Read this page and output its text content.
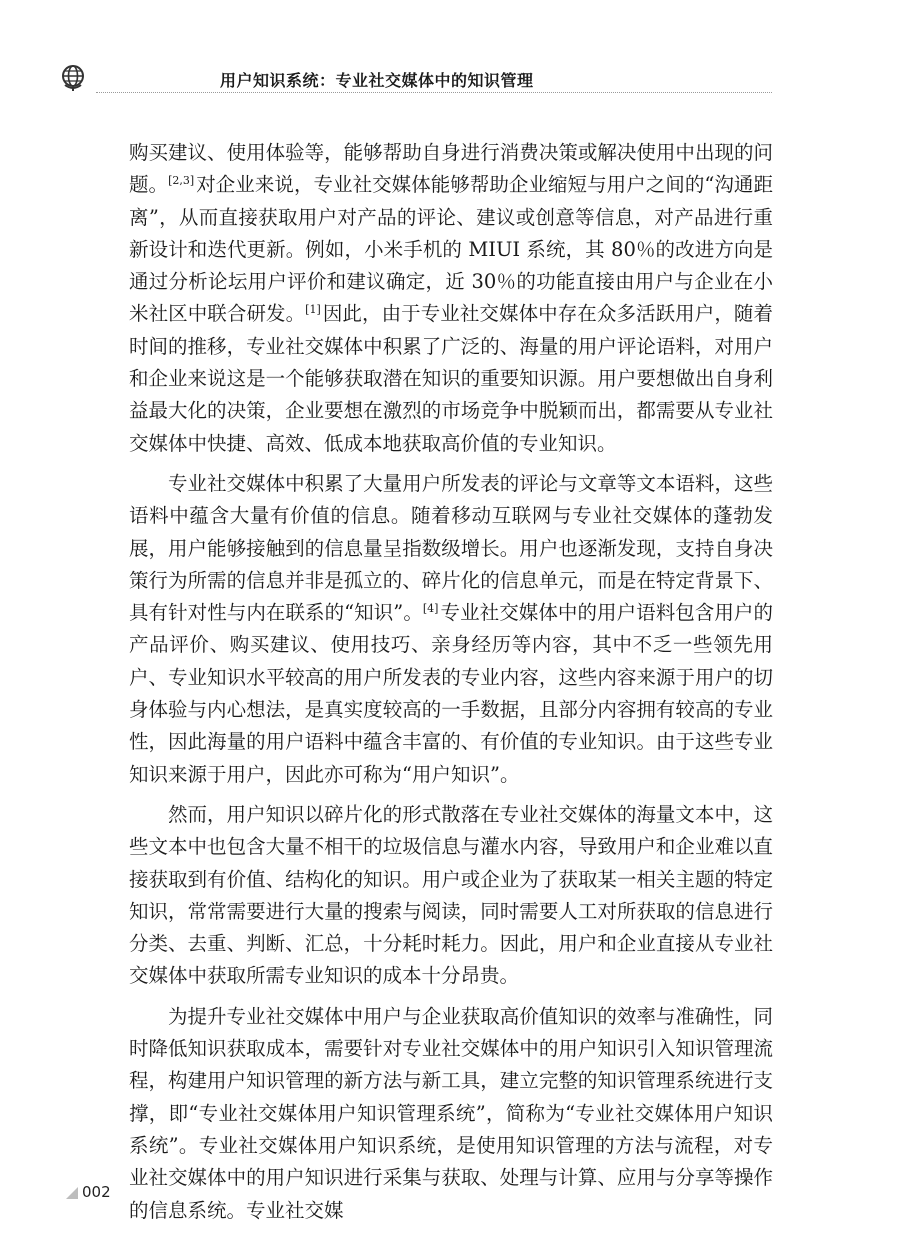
用户知识系统：专业社交媒体中的知识管理

购买建议、使用体验等，能够帮助自身进行消费决策或解决使用中出现的问题。[2,3] 对企业来说，专业社交媒体能够帮助企业缩短与用户之间的“沟通距离”，从而直接获取用户对产品的评论、建议或创意等信息，对产品进行重新设计和迭代更新。例如，小米手机的 MIUI 系统，其 80％的改进方向是通过分析论坛用户评价和建议确定，近 30％的功能直接由用户与企业在小米社区中联合研发。[1] 因此，由于专业社交媒体中存在众多活跃用户，随着时间的推移，专业社交媒体中积累了广泛的、海量的用户评论语料，对用户和企业来说这是一个能够获取潜在知识的重要知识源。用户要想做出自身利益最大化的决策，企业要想在激烈的市场竞争中脱颖而出，都需要从专业社交媒体中快捷、高效、低成本地获取高价值的专业知识。

专业社交媒体中积累了大量用户所发表的评论与文章等文本语料，这些语料中蕴含大量有价值的信息。随着移动互联网与专业社交媒体的蓬勃发展，用户能够接触到的信息量呈指数级增长。用户也逐渐发现，支持自身决策行为所需的信息并非是孤立的、碎片化的信息单元，而是在特定背景下、具有针对性与内在联系的“知识”。[4] 专业社交媒体中的用户语料包含用户的产品评价、购买建议、使用技巧、亲身经历等内容，其中不乏一些领先用户、专业知识水平较高的用户所发表的专业内容，这些内容来源于用户的切身体验与内心想法，是真实度较高的一手数据，且部分内容拥有较高的专业性，因此海量的用户语料中蕴含丰富的、有价值的专业知识。由于这些专业知识来源于用户，因此亦可称为“用户知识”。

然而，用户知识以碎片化的形式散落在专业社交媒体的海量文本中，这些文本中也包含大量不相干的垃圾信息与灌水内容，导致用户和企业难以直接获取到有价值、结构化的知识。用户或企业为了获取某一相关主题的特定知识，常常需要进行大量的搜索与阅读，同时需要人工对所获取的信息进行分类、去重、判断、汇总，十分耗时耗力。因此，用户和企业直接从专业社交媒体中获取所需专业知识的成本十分昂贵。

为提升专业社交媒体中用户与企业获取高价值知识的效率与准确性，同时降低知识获取成本，需要针对专业社交媒体中的用户知识引入知识管理流程，构建用户知识管理的新方法与新工具，建立完整的知识管理系统进行支撑，即“专业社交媒体用户知识管理系统”，简称为“专业社交媒体用户知识系统”。专业社交媒体用户知识系统，是使用知识管理的方法与流程，对专业社交媒体中的用户知识进行采集与获取、处理与计算、应用与分享等操作的信息系统。专业社交媒

002
